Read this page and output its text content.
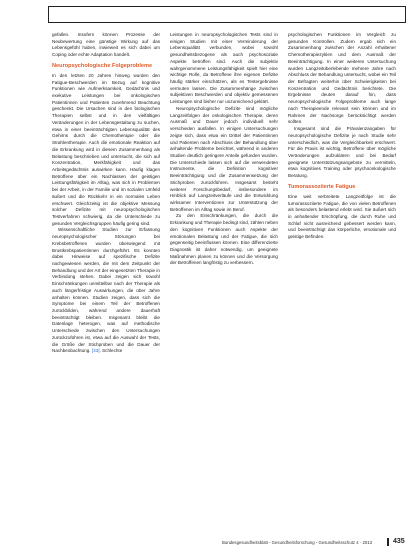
gefallen. Insofern können Prozesse der Neubewertung eine günstige Wirkung auf das Lebensgefühl haben, inwieweit es sich dabei um Coping oder echte Adaptation handelt.

Neuropsychologische Folgeprobleme

In den letzten 20 Jahren hinweg wurden den Fatigue-Beschwerden im Bezug auf kognitive Funktionen wie Aufmerksamkeit, Gedächtnis und exekutive Leistungen bei onkologischen Patientinnen und Patienten zunehmend Beachtung geschenkt. Die Ursachen sind in den biologischen Therapien selbst und in den vielfältigen Veränderungen in der Lebensgestaltung zu suchen, etwa in einer beeinträchtigten Lebensqualität des Gehirns durch die Chemotherapie oder die Strahlentherapie. Auch die emotionale Reaktion auf die Erkrankung wird in diesem Zusammenhang als Belastung beschrieben und untersucht, die sich auf Konzentration, Merkfähigkeit und das Arbeitsgedächtnis auswirken kann. Häufig klagen Betroffene über ein Nachlassen der geistigen Leistungsfähigkeit im Alltag, was sich in Problemen bei der Arbeit, in der Familie und im sozialen Umfeld äußert und die Rückkehr in ein normales Leben erschwert. Gleichzeitig ist die objektive Messung solcher Defizite mit neuropsychologischen Testverfahren schwierig, da die Unterschiede zu gesunden Vergleichsgruppen häufig gering sind.

Wissenschaftliche Studien zur Erfassung neuropsychologischer Störungen bei Krebsbetroffenen wurden überwiegend mit Brustkrebspatientinnen durchgeführt. Es konnten dabei Hinweise auf spezifische Defizite nachgewiesen werden, die mit dem Zeitpunkt der Behandlung und der Art der eingesetzten Therapie in Verbindung stehen. Dabei zeigen sich sowohl Einschränkungen unmittelbar nach der Therapie als auch längerfristige Auswirkungen, die über Jahre anhalten können. Studien zeigen, dass sich die Symptome bei einem Teil der Betroffenen zurückbilden, während andere dauerhaft beeinträchtigt bleiben. Insgesamt bleibt die Datenlage heterogen, was auf methodische Unterschiede zwischen den Untersuchungen zurückzuführen ist, etwa auf die Auswahl der Tests, die Größe der Stichproben und die Dauer der Nachbeobachtung. [33]. Schlechte

Leistungen in neuropsychologischen Tests sind in einigen Studien mit einer Verminderung der Lebensqualität verbunden, wobei sowohl gesundheitsbezogene als auch psychosoziale Aspekte betroffen sind. Auch die subjektiv wahrgenommene Leistungsfähigkeit spielt hier eine wichtige Rolle, da Betroffene ihre eigenen Defizite häufig stärker einschätzen, als es Testergebnisse vermuten lassen. Die Zusammenhänge zwischen subjektiven Beschwerden und objektiv gemessenen Leistungen sind bisher nur unzureichend geklärt.

Neuropsychologische Defizite sind mögliche Langzeitfolgen der onkologischen Therapie, deren Ausmaß und Dauer jedoch individuell sehr verschieden ausfallen. In einigen Untersuchungen zeigte sich, dass etwa ein Drittel der Patientinnen und Patienten nach Abschluss der Behandlung über anhaltende Probleme berichtet, während in anderen Studien deutlich geringere Anteile gefunden wurden. Die Unterschiede lassen sich auf die verwendeten Instrumente, die Definition kognitiver Beeinträchtigung und die Zusammensetzung der Stichproben zurückführen. Insgesamt besteht weiterer Forschungsbedarf, insbesondere im Hinblick auf Langzeitverläufe und die Entwicklung wirksamer Interventionen zur Unterstützung der Betroffenen im Alltag sowie im Beruf.

Zu den Einschränkungen, die durch die Erkrankung und Therapie bedingt sind, zählen neben den kognitiven Funktionen auch Aspekte der emotionalen Belastung und der Fatigue, die sich gegenseitig beeinflussen können. Eine differenzierte Diagnostik ist daher notwendig, um geeignete Maßnahmen planen zu können und die Versorgung der Betroffenen langfristig zu verbessern.

psychologischen Funktionen im Vergleich zu gesunden Kontrollen. Zudem ergab sich ein Zusammenhang zwischen der Anzahl erhaltener Chemotherapiezyklen und dem Ausmaß der Beeinträchtigung. In einer weiteren Untersuchung wurden Langzeitüberlebende mehrere Jahre nach Abschluss der Behandlung untersucht, wobei ein Teil der Befragten weiterhin über Schwierigkeiten bei Konzentration und Gedächtnis berichtete. Die Ergebnisse deuten darauf hin, dass neuropsychologische Folgeprobleme auch lange nach Therapieende relevant sein können und im Rahmen der Nachsorge berücksichtigt werden sollten.

Insgesamt sind die Prävalenzangaben für neuropsychologische Defizite je nach Studie sehr unterschiedlich, was die Vergleichbarkeit erschwert. Für die Praxis ist wichtig, Betroffene über mögliche Veränderungen aufzuklären und bei Bedarf geeignete Unterstützungsangebote zu vermitteln, etwa kognitives Training oder psychoonkologische Beratung.

Tumorassoziierte Fatigue

Eine weit verbreitete Langzeitfolge ist die tumorassoziierte Fatigue, die von vielen Betroffenen als besonders belastend erlebt wird. Sie äußert sich in anhaltender Erschöpfung, die durch Ruhe und Schlaf nicht ausreichend gebessert werden kann, und beeinträchtigt das körperliche, emotionale und geistige Befinden.

Bundesgesundheitsblatt - Gesundheitsforschung - Gesundheitsschutz 4 · 2013	435
